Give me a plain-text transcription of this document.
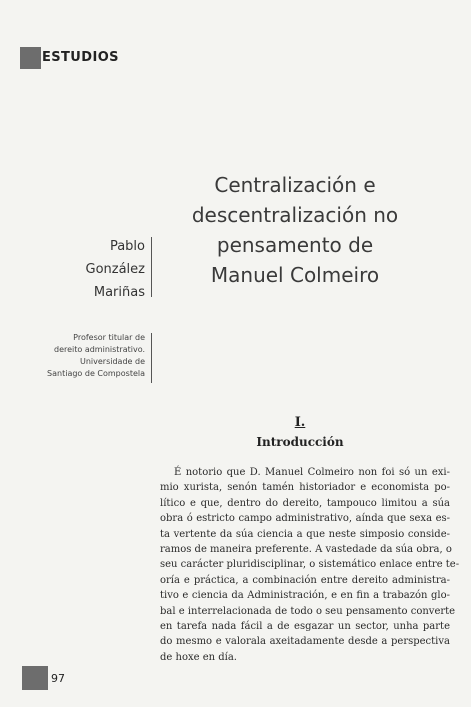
ESTUDIOS
Centralización e
descentralización no
pensamento de
Manuel Colmeiro
Pablo
González
Mariñas
Profesor titular de
dereito administrativo.
Universidade de
Santiago de Compostela
I.
Introducción
É notorio que D. Manuel Colmeiro non foi só un exi-
mio xurista, senón tamén historiador e economista po-
lítico e que, dentro do dereito, tampouco limitou a súa
obra ó estricto campo administrativo, aínda que sexa es-
ta vertente da súa ciencia a que neste simposio conside-
ramos de maneira preferente. A vastedade da súa obra, o
seu carácter pluridisciplinar, o sistemático enlace entre te-
oría e práctica, a combinación entre dereito administra-
tivo e ciencia da Administración, e en fin a trabazón glo-
bal e interrelacionada de todo o seu pensamento converte
en tarefa nada fácil a de esgazar un sector, unha parte
do mesmo e valorala axeitadamente desde a perspectiva
de hoxe en día.
97
